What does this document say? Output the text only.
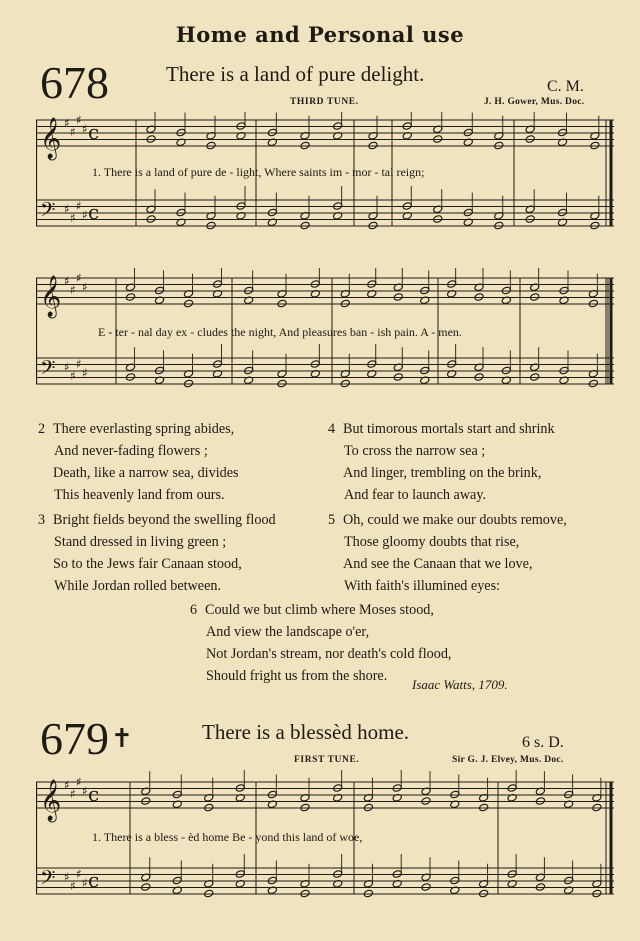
Home and Personal use
678	There is a land of pure delight.
C. M.
THIRD TUNE.	J. H. Gower, Mus. Doc.
𝄞 ♯
♯
♯
♯ c
𝄢 ♯
♯
♯
♯ c
1. There is a land of pure de - light, Where saints im - mor - tal reign;
𝄞 ♯
♯
♯
♯
𝄢 ♯
♯
♯
♯
E - ter - nal day ex - cludes the night, And pleasures ban - ish pain. A - men.
2 There everlasting spring abides,
And never-fading flowers ;
Death, like a narrow sea, divides
This heavenly land from ours.
4 But timorous mortals start and shrink
To cross the narrow sea ;
And linger, trembling on the brink,
And fear to launch away.
3 Bright fields beyond the swelling flood
Stand dressed in living green ;
So to the Jews fair Canaan stood,
While Jordan rolled between.
5 Oh, could we make our doubts remove,
Those gloomy doubts that rise,
And see the Canaan that we love,
With faith's illumined eyes:
6 Could we but climb where Moses stood,
And view the landscape o'er,
Not Jordan's stream, nor death's cold flood,
Should fright us from the shore.
Isaac Watts, 1709.
679✝	There is a blessèd home.	6 s. D.
FIRST TUNE.	Sir G. J. Elvey, Mus. Doc.
𝄞 ♯
♯
♯
♯ c
𝄢 ♯
♯
♯
♯ c
1. There is a bless - èd home Be - yond this land of woe,
